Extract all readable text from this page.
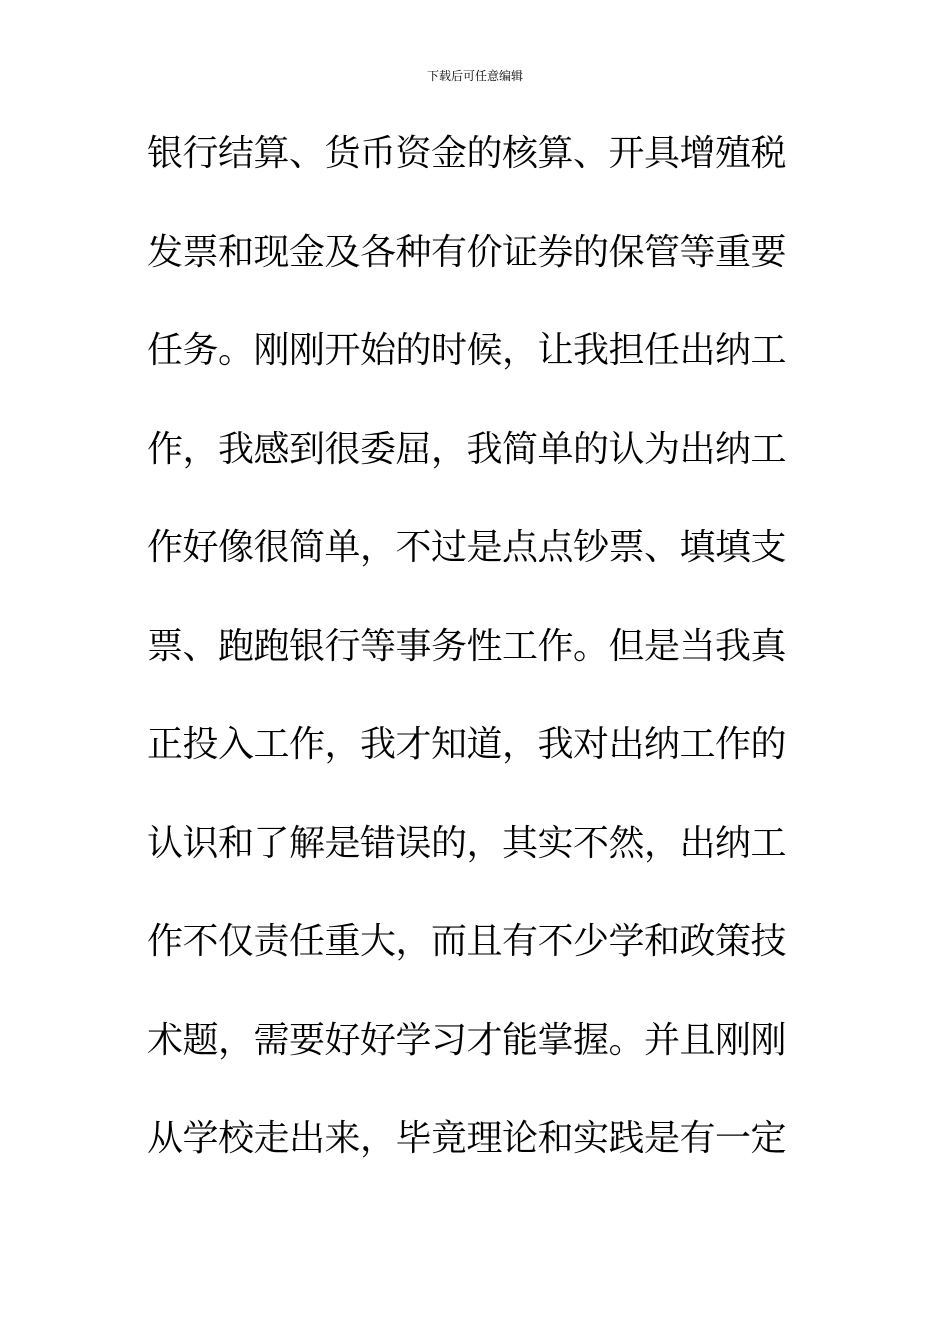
下载后可任意编辑
银行结算、货币资金的核算、开具增殖税
发票和现金及各种有价证券的保管等重要
任务。刚刚开始的时候，让我担任出纳工
作，我感到很委屈，我简单的认为出纳工
作好像很简单，不过是点点钞票、填填支
票、跑跑银行等事务性工作。但是当我真
正投入工作，我才知道，我对出纳工作的
认识和了解是错误的，其实不然，出纳工
作不仅责任重大，而且有不少学和政策技
术题，需要好好学习才能掌握。并且刚刚
从学校走出来，毕竟理论和实践是有一定
